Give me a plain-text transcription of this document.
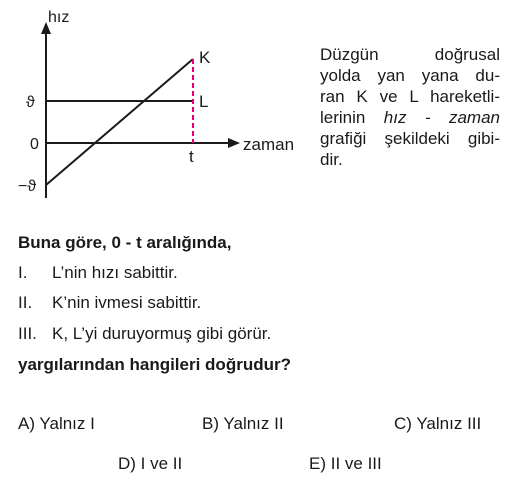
hız
zaman
ϑ
0
−ϑ
t
K
L
Düzgün	doğrusal
yolda yan yana du-
ran K ve L hareketli-
lerinin hız - zaman
grafiği şekildeki gibi-
dir.
Buna göre, 0 - t aralığında,
I. L’nin hızı sabittir.
II. K’nin ivmesi sabittir.
III. K, L’yi duruyormuş gibi görür.
yargılarından hangileri doğrudur?
A) Yalnız I	B) Yalnız II	C) Yalnız III
D) I ve II	E) II ve III
